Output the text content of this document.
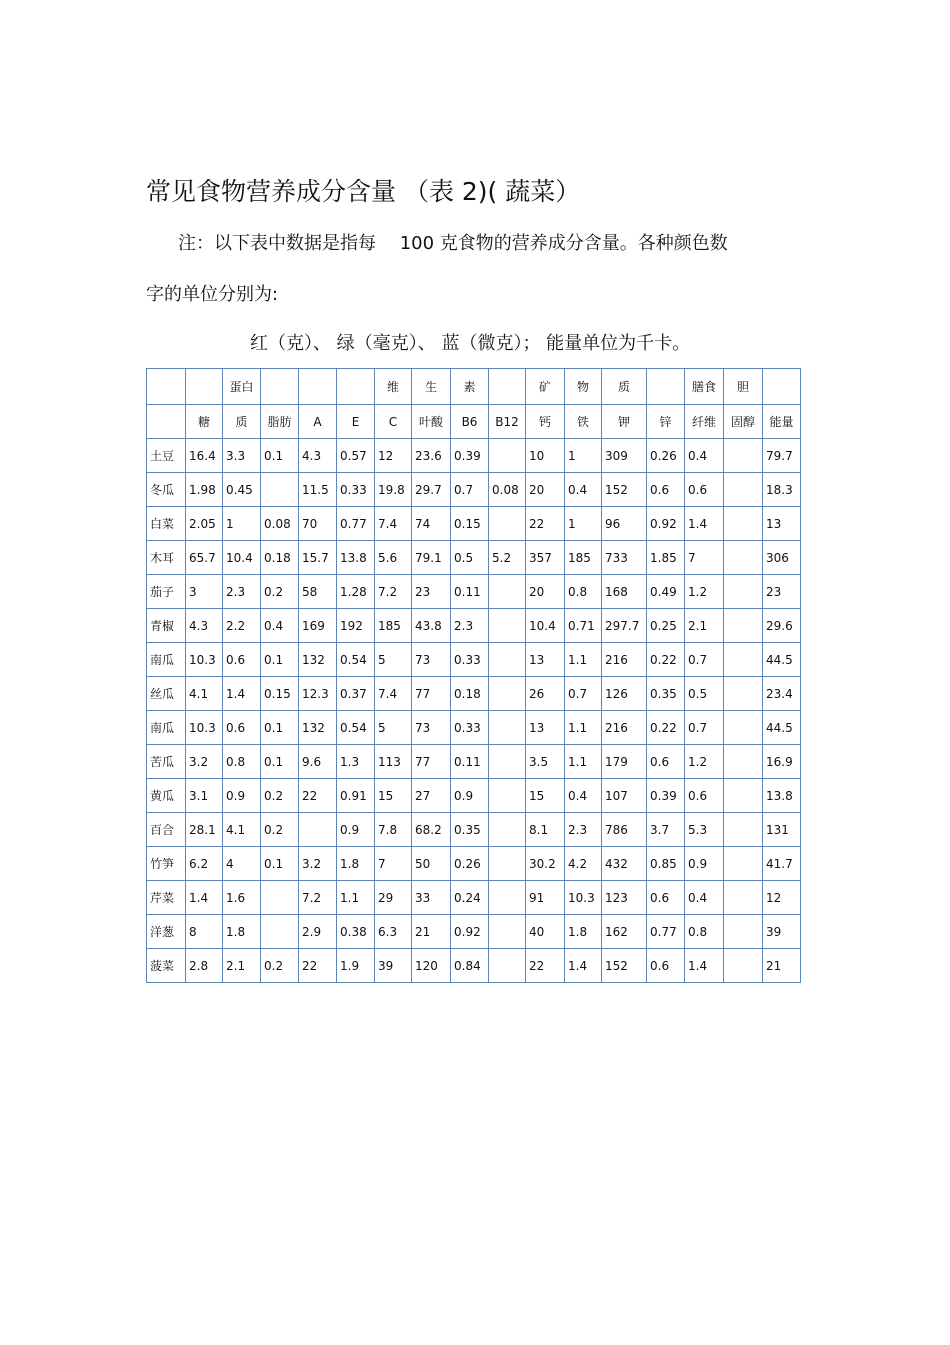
常见食物营养成分含量 （表 2)( 蔬菜）
注：以下表中数据是指每　 100 克食物的营养成分含量。各种颜色数
字的单位分别为:
红（克）、 绿（毫克）、 蓝（微克）； 能量单位为千卡。
		蛋白				维	生	素		矿	物	质		膳食	胆	
	糖	质	脂肪	A	E	C	叶酸	B6	B12	钙	铁	钾	锌	纤维	固醇	能量
土豆	16.4	3.3	0.1	4.3	0.57	12	23.6	0.39		10	1	309	0.26	0.4		79.7
冬瓜	1.98	0.45		11.5	0.33	19.8	29.7	0.7	0.08	20	0.4	152	0.6	0.6		18.3
白菜	2.05	1	0.08	70	0.77	7.4	74	0.15		22	1	96	0.92	1.4		13
木耳	65.7	10.4	0.18	15.7	13.8	5.6	79.1	0.5	5.2	357	185	733	1.85	7		306
茄子	3	2.3	0.2	58	1.28	7.2	23	0.11		20	0.8	168	0.49	1.2		23
青椒	4.3	2.2	0.4	169	192	185	43.8	2.3		10.4	0.71	297.7	0.25	2.1		29.6
南瓜	10.3	0.6	0.1	132	0.54	5	73	0.33		13	1.1	216	0.22	0.7		44.5
丝瓜	4.1	1.4	0.15	12.3	0.37	7.4	77	0.18		26	0.7	126	0.35	0.5		23.4
南瓜	10.3	0.6	0.1	132	0.54	5	73	0.33		13	1.1	216	0.22	0.7		44.5
苦瓜	3.2	0.8	0.1	9.6	1.3	113	77	0.11		3.5	1.1	179	0.6	1.2		16.9
黄瓜	3.1	0.9	0.2	22	0.91	15	27	0.9		15	0.4	107	0.39	0.6		13.8
百合	28.1	4.1	0.2		0.9	7.8	68.2	0.35		8.1	2.3	786	3.7	5.3		131
竹笋	6.2	4	0.1	3.2	1.8	7	50	0.26		30.2	4.2	432	0.85	0.9		41.7
芹菜	1.4	1.6		7.2	1.1	29	33	0.24		91	10.3	123	0.6	0.4		12
洋葱	8	1.8		2.9	0.38	6.3	21	0.92		40	1.8	162	0.77	0.8		39
菠菜	2.8	2.1	0.2	22	1.9	39	120	0.84		22	1.4	152	0.6	1.4		21
